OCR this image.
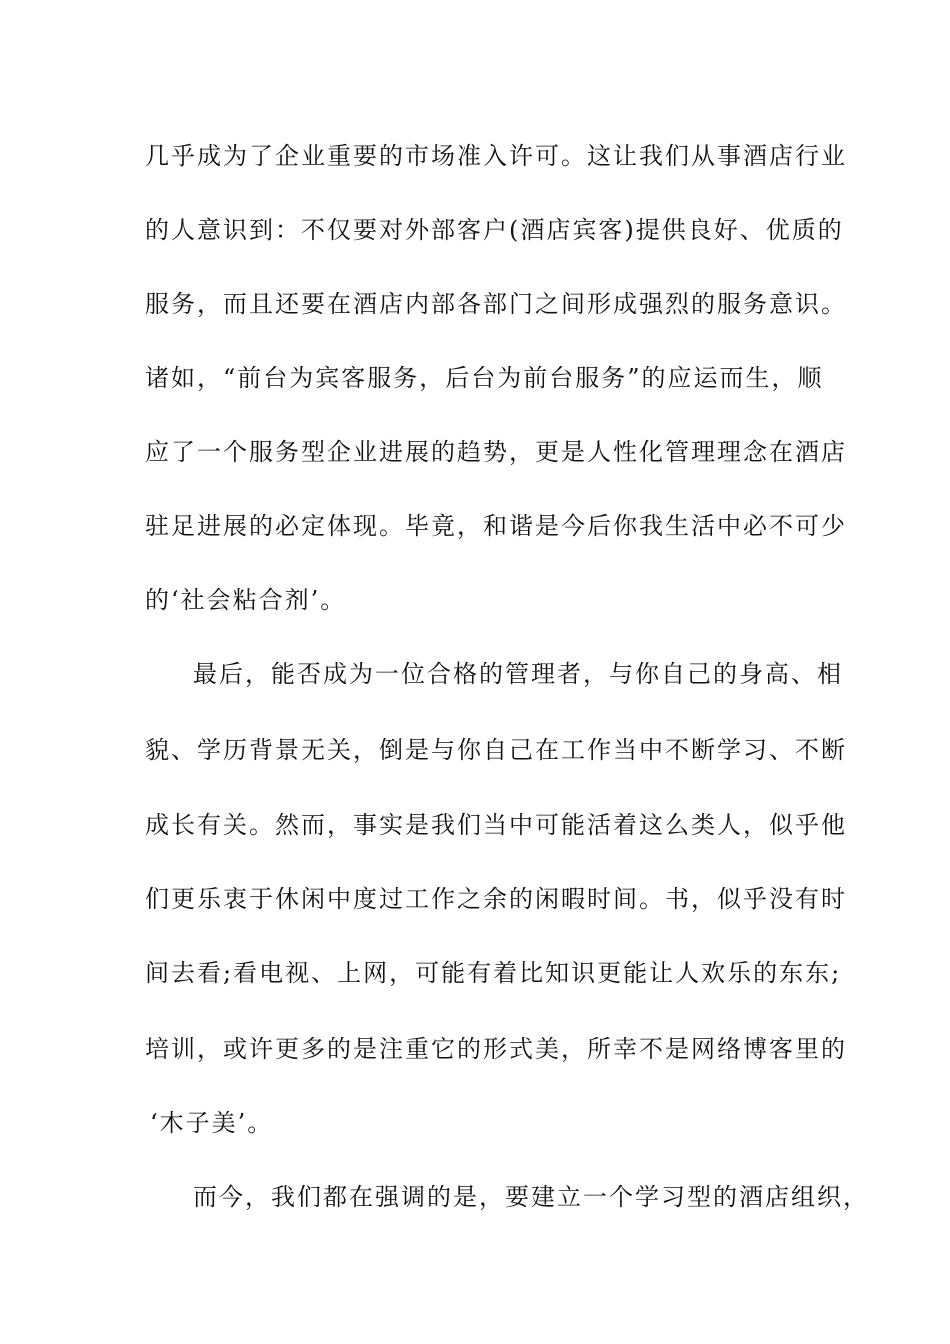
几乎成为了企业重要的市场准入许可。这让我们从事酒店行业
的人意识到：不仅要对外部客户(酒店宾客)提供良好、优质的
服务，而且还要在酒店内部各部门之间形成强烈的服务意识。
诸如，“前台为宾客服务，后台为前台服务”的应运而生，顺
应了一个服务型企业进展的趋势，更是人性化管理理念在酒店
驻足进展的必定体现。毕竟，和谐是今后你我生活中必不可少
的‘社会粘合剂’。
最后，能否成为一位合格的管理者，与你自己的身高、相
貌、学历背景无关，倒是与你自己在工作当中不断学习、不断
成长有关。然而，事实是我们当中可能活着这么类人，似乎他
们更乐衷于休闲中度过工作之余的闲暇时间。书，似乎没有时
间去看;看电视、上网，可能有着比知识更能让人欢乐的东东;
培训，或许更多的是注重它的形式美，所幸不是网络博客里的
‘木子美’。
而今，我们都在强调的是，要建立一个学习型的酒店组织，
